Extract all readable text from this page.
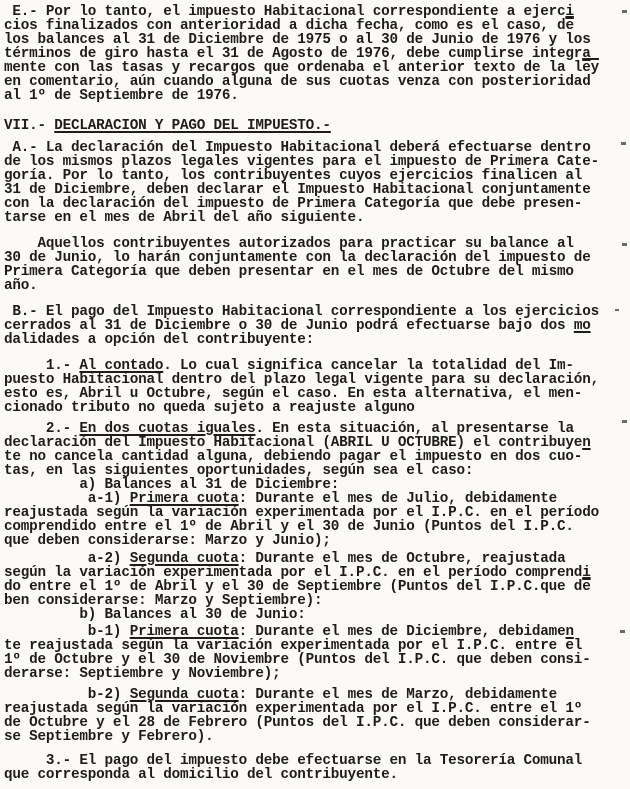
E.- Por lo tanto, el impuesto Habitacional correspondiente a ejerci
cios finalizados con anterioridad a dicha fecha, como es el caso, $d\overline{e}$
los balances al 31 de Diciembre de 1975 o al 30 de Junio de 1976 y los
términos de giro hasta el 31 de Agosto de 1976, debe cumplirse integra
mente con las tasas y recargos que ordenaba el anterior texto de la $l\overline{ey}$
en comentario, aún cuando alguna de sus cuotas venza con posterioridad
al 1º de Septiembre de 1976.
VII.- DECLARACION Y PAGO DEL IMPUESTO.-
A.- La declaración del Impuesto Habitacional deberá efectuarse dentro
de los mismos plazos legales vigentes para el impuesto de Primera Cate-
goría. Por lo tanto, los contribuyentes cuyos ejercicios finalicen al
31 de Diciembre, deben declarar el Impuesto Habitacional conjuntamente
con la declaración del impuesto de Primera Categoría que debe presen-
tarse en el mes de Abril del año siguiente.
Aquellos contribuyentes autorizados para practicar su balance al
30 de Junio, lo harán conjuntamente con la declaración del impuesto de
Primera Categoría que deben presentar en el mes de Octubre del mismo
año.
B.- El pago del Impuesto Habitacional correspondiente a los ejercicios
cerrados al 31 de Diciembre o 30 de Junio podrá efectuarse bajo dos mo
dalidades a opción del contribuyente:
1.- Al contado. Lo cual significa cancelar la totalidad del Im-
puesto Habitacional dentro del plazo legal vigente para su declaración,
esto es, Abril u Octubre, según el caso. En esta alternativa, el men-
cionado tributo no queda sujeto a reajuste alguno
2.- En dos cuotas iguales. En esta situación, al presentarse la
declaración del Impuesto Habitacional (ABRIL U OCTUBRE) el contribuyen
te no cancela cantidad alguna, debiendo pagar el impuesto en dos cuo-
tas, en las siguientes oportunidades, según sea el caso:
a) Balances al 31 de Diciembre:
a-1) Primera cuota: Durante el mes de Julio, debidamente
reajustada según la variación experimentada por el I.P.C. en el período
comprendido entre el 1º de Abril y el 30 de Junio (Puntos del I.P.C.
que deben considerarse: Marzo y Junio);
a-2) Segunda cuota: Durante el mes de Octubre, reajustada
según la variación experimentada por el I.P.C. en el período comprendi
do entre el 1º de Abril y el 30 de Septiembre (Puntos del I.P.C.que $d\overline{e}$
ben considerarse: Marzo y Septiembre):
b) Balances al 30 de Junio:
b-1) Primera cuota: Durante el mes de Diciembre, debidamen
te reajustada según la variación experimentada por el I.P.C. entre el
1º de Octubre y el 30 de Noviembre (Puntos del I.P.C. que deben consi-
derarse: Septiembre y Noviembre);
b-2) Segunda cuota: Durante el mes de Marzo, debidamente
reajustada según la variación experimentada por el I.P.C. entre el 1º
de Octubre y el 28 de Febrero (Puntos del I.P.C. que deben considerar-
se Septiembre y Febrero).
3.- El pago del impuesto debe efectuarse en la Tesorería Comunal
que corresponda al domicilio del contribuyente.
